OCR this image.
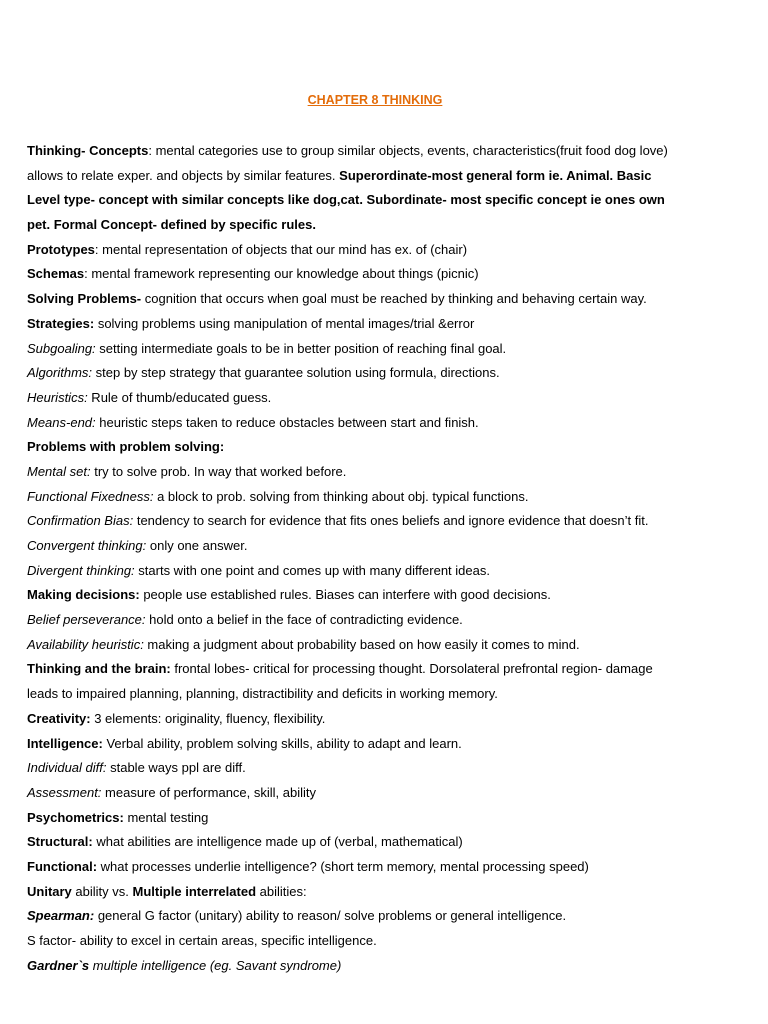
CHAPTER 8 THINKING
Thinking- Concepts: mental categories use to group similar objects, events, characteristics(fruit food dog love)
allows to relate exper. and objects by similar features. Superordinate-most general form ie. Animal. Basic
Level type- concept with similar concepts like dog,cat. Subordinate- most specific concept ie ones own
pet. Formal Concept- defined by specific rules.
Prototypes: mental representation of objects that our mind has ex. of (chair)
Schemas: mental framework representing our knowledge about things (picnic)
Solving Problems- cognition that occurs when goal must be reached by thinking and behaving certain way.
Strategies: solving problems using manipulation of mental images/trial &error
Subgoaling: setting intermediate goals to be in better position of reaching final goal.
Algorithms: step by step strategy that guarantee solution using formula, directions.
Heuristics: Rule of thumb/educated guess.
Means-end: heuristic steps taken to reduce obstacles between start and finish.
Problems with problem solving:
Mental set: try to solve prob. In way that worked before.
Functional Fixedness: a block to prob. solving from thinking about obj. typical functions.
Confirmation Bias: tendency to search for evidence that fits ones beliefs and ignore evidence that doesn’t fit.
Convergent thinking: only one answer.
Divergent thinking: starts with one point and comes up with many different ideas.
Making decisions: people use established rules. Biases can interfere with good decisions.
Belief perseverance: hold onto a belief in the face of contradicting evidence.
Availability heuristic: making a judgment about probability based on how easily it comes to mind.
Thinking and the brain: frontal lobes- critical for processing thought. Dorsolateral prefrontal region- damage
leads to impaired planning, planning, distractibility and deficits in working memory.
Creativity: 3 elements: originality, fluency, flexibility.
Intelligence: Verbal ability, problem solving skills, ability to adapt and learn.
Individual diff: stable ways ppl are diff.
Assessment: measure of performance, skill, ability
Psychometrics: mental testing
Structural: what abilities are intelligence made up of (verbal, mathematical)
Functional: what processes underlie intelligence? (short term memory, mental processing speed)
Unitary ability vs. Multiple interrelated abilities:
Spearman: general G factor (unitary) ability to reason/ solve problems or general intelligence.
S factor- ability to excel in certain areas, specific intelligence.
Gardner`s multiple intelligence (eg. Savant syndrome)
